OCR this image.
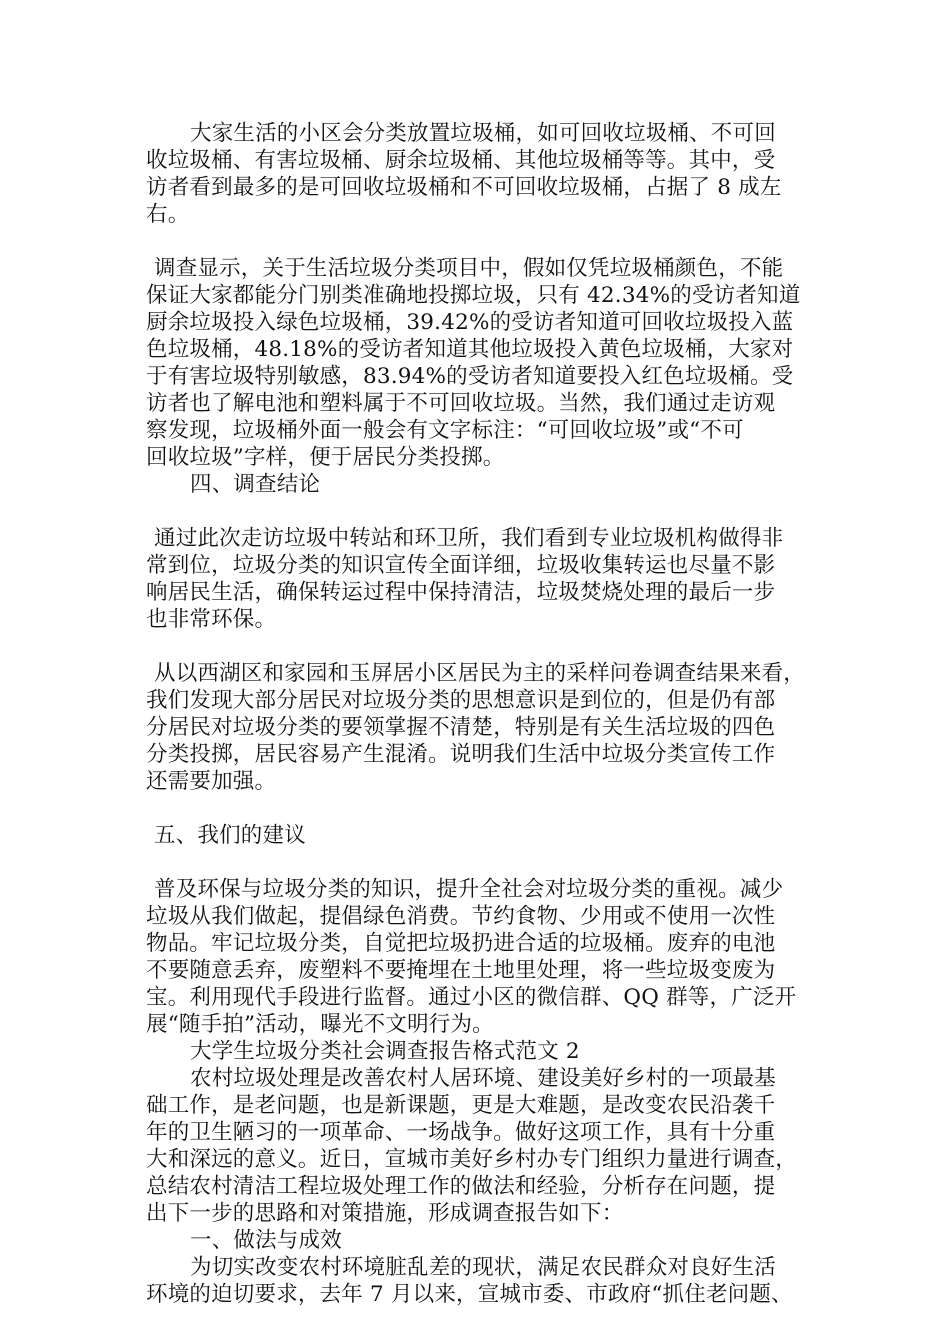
大家生活的小区会分类放置垃圾桶，如可回收垃圾桶、不可回
收垃圾桶、有害垃圾桶、厨余垃圾桶、其他垃圾桶等等。其中，受
访者看到最多的是可回收垃圾桶和不可回收垃圾桶，占据了 8 成左
右。
调查显示，关于生活垃圾分类项目中，假如仅凭垃圾桶颜色，不能
保证大家都能分门别类准确地投掷垃圾，只有 42.34%的受访者知道
厨余垃圾投入绿色垃圾桶，39.42%的受访者知道可回收垃圾投入蓝
色垃圾桶，48.18%的受访者知道其他垃圾投入黄色垃圾桶，大家对
于有害垃圾特别敏感，83.94%的受访者知道要投入红色垃圾桶。受
访者也了解电池和塑料属于不可回收垃圾。当然，我们通过走访观
察发现，垃圾桶外面一般会有文字标注：“可回收垃圾”或“不可
回收垃圾”字样，便于居民分类投掷。
四、调查结论
通过此次走访垃圾中转站和环卫所，我们看到专业垃圾机构做得非
常到位，垃圾分类的知识宣传全面详细，垃圾收集转运也尽量不影
响居民生活，确保转运过程中保持清洁，垃圾焚烧处理的最后一步
也非常环保。
从以西湖区和家园和玉屏居小区居民为主的采样问卷调查结果来看，
我们发现大部分居民对垃圾分类的思想意识是到位的，但是仍有部
分居民对垃圾分类的要领掌握不清楚，特别是有关生活垃圾的四色
分类投掷，居民容易产生混淆。说明我们生活中垃圾分类宣传工作
还需要加强。
五、我们的建议
普及环保与垃圾分类的知识，提升全社会对垃圾分类的重视。减少
垃圾从我们做起，提倡绿色消费。节约食物、少用或不使用一次性
物品。牢记垃圾分类，自觉把垃圾扔进合适的垃圾桶。废弃的电池
不要随意丢弃，废塑料不要掩埋在土地里处理，将一些垃圾变废为
宝。利用现代手段进行监督。通过小区的微信群、QQ 群等，广泛开
展“随手拍”活动，曝光不文明行为。
大学生垃圾分类社会调查报告格式范文 2
农村垃圾处理是改善农村人居环境、建设美好乡村的一项最基
础工作，是老问题，也是新课题，更是大难题，是改变农民沿袭千
年的卫生陋习的一项革命、一场战争。做好这项工作，具有十分重
大和深远的意义。近日，宣城市美好乡村办专门组织力量进行调查，
总结农村清洁工程垃圾处理工作的做法和经验，分析存在问题，提
出下一步的思路和对策措施，形成调查报告如下：
一、做法与成效
为切实改变农村环境脏乱差的现状，满足农民群众对良好生活
环境的迫切要求，去年 7 月以来，宣城市委、市政府“抓住老问题、
